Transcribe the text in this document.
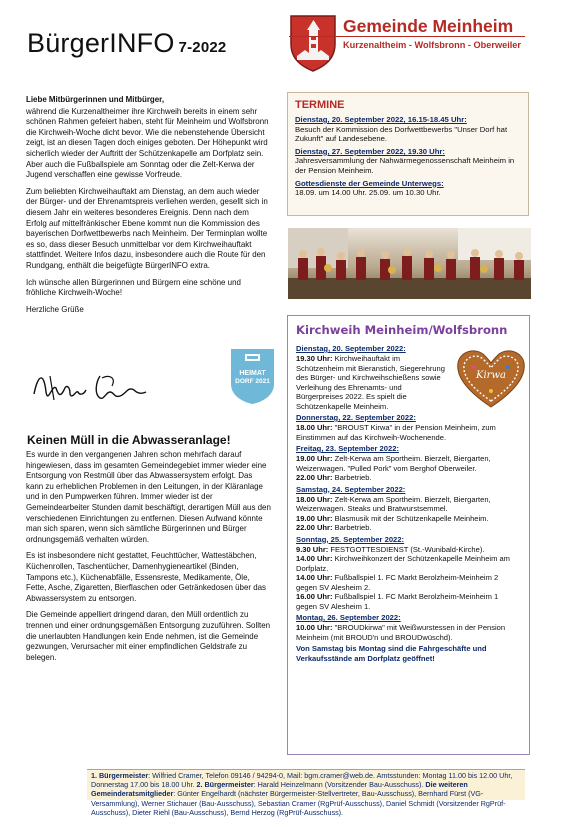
BürgerINFO 7-2022
Gemeinde Meinheim
Kurzenaltheim - Wolfsbronn - Oberweiler

Liebe Mitbürgerinnen und Mitbürger,

während die Kurzenaltheimer ihre Kirchweih bereits in einem sehr schönen Rahmen gefeiert haben, steht für Meinheim und Wolfsbronn die Kirchweih-Woche dicht bevor. Wie die nebenstehende Übersicht zeigt, ist an diesen Tagen doch einiges geboten. Der Höhepunkt wird sicherlich wieder der Auftritt der Schützenkapelle am Dorfplatz sein. Aber auch die Fußballspiele am Sonntag oder die Zelt-Kerwa der Jugend verschaffen eine gewisse Vorfreude.

Zum beliebten Kirchweihauftakt am Dienstag, an dem auch wieder der Bürger- und der Ehrenamtspreis verliehen werden, gesellt sich in diesem Jahr ein weiteres besonderes Ereignis. Denn nach dem Erfolg auf mittelfränkischer Ebene kommt nun die Kommission des bayerischen Dorfwettbewerbs nach Meinheim. Der Terminplan wollte es so, dass dieser Besuch unmittelbar vor dem Kirchweihauftakt stattfindet. Weitere Infos dazu, insbesondere auch die Route für den Rundgang, enthält die beigefügte BürgerINFO extra.

Ich wünsche allen Bürgerinnen und Bürgern eine schöne und fröhliche Kirchweih-Woche!

Herzliche Grüße

HEIMAT
DORF 2021
Keinen Müll in die Abwasseranlage!

Es wurde in den vergangenen Jahren schon mehrfach darauf hingewiesen, dass im gesamten Gemeindegebiet immer wieder eine Entsorgung von Restmüll über das Abwassersystem erfolgt. Das kann zu erheblichen Problemen in den Leitungen, in der Kläranlage und in den Pumpwerken führen. Immer wieder ist der Gemeindearbeiter Stunden damit beschäftigt, derartigen Müll aus den verschiedenen Einrichtungen zu entfernen. Diesen Aufwand könnte man sich sparen, wenn sich sämtliche Bürgerinnen und Bürger ordnungsgemäß verhalten würden.

Es ist insbesondere nicht gestattet, Feuchttücher, Wattestäbchen, Küchenrollen, Taschentücher, Damenhygieneartikel (Binden, Tampons etc.), Küchenabfälle, Essensreste, Medikamente, Öle, Fette, Asche, Zigaretten, Bierflaschen oder Getränkedosen über das Abwassersystem zu entsorgen.

Die Gemeinde appelliert dringend daran, den Müll ordentlich zu trennen und einer ordnungsgemäßen Entsorgung zuzuführen. Sollten die unerlaubten Handlungen kein Ende nehmen, ist die Gemeinde gezwungen, Verursacher mit einer empfindlichen Geldstrafe zu belegen.

TERMINE
Dienstag, 20. September 2022, 16.15-18.45 Uhr:
Besuch der Kommission des Dorfwettbewerbs "Unser Dorf hat Zukunft" auf Landesebene.
Dienstag, 27. September 2022, 19.30 Uhr:
Jahresversammlung der Nahwärmegenossenschaft Meinheim in der Pension Meinheim.
Gottesdienste der Gemeinde Unterwegs:
18.09. um 14.00 Uhr. 25.09. um 10.30 Uhr.
Kirchweih Meinheim/Wolfsbronn
Dienstag, 20. September 2022:

19.30 Uhr: Kirchweihauftakt im Schützenheim mit Bieranstich, Siegerehrung des Bürger- und Kirchweihschießens sowie Verleihung des Ehrenamts- und Bürgerpreises 2022. Es spielt die Schützenkapelle Meinheim.

Donnerstag, 22. September 2022:

18.00 Uhr: "BROUST Kirwa" in der Pension Meinheim, zum Einstimmen auf das Kirchweih-Wochenende.

Freitag, 23. September 2022:

19.00 Uhr: Zelt-Kerwa am Sportheim. Bierzelt, Biergarten, Weizenwagen. "Pulled Pork" vom Berghof Oberweiler.

22.00 Uhr: Barbetrieb.

Samstag, 24. September 2022:

18.00 Uhr: Zelt-Kerwa am Sportheim. Bierzelt, Biergarten, Weizenwagen. Steaks und Bratwurstsemmel.

19.00 Uhr: Blasmusik mit der Schützenkapelle Meinheim.

22.00 Uhr: Barbetrieb.

Sonntag, 25. September 2022:

9.30 Uhr: FESTGOTTESDIENST (St.-Wunibald-Kirche).

14.00 Uhr: Kirchweihkonzert der Schützenkapelle Meinheim am Dorfplatz.

14.00 Uhr: Fußballspiel 1. FC Markt Berolzheim-Meinheim 2 gegen SV Alesheim 2.

16.00 Uhr: Fußballspiel 1. FC Markt Berolzheim-Meinheim 1 gegen SV Alesheim 1.

Montag, 26. September 2022:

10.00 Uhr: "BROUDkirwa" mit Weißwurstessen in der Pension Meinheim (mit BROUD'n und BROUDwüschd).

Von Samstag bis Montag sind die Fahrgeschäfte und Verkaufsstände am Dorfplatz geöffnet!
Kirwa
1. Bürgermeister: Wilfried Cramer, Telefon 09146 / 94294-0, Mail: bgm.cramer@web.de. Amtsstunden: Montag 11.00 bis 12.00 Uhr, Donnerstag 17.00 bis 18.00 Uhr. 2. Bürgermeister: Harald Heinzelmann (Vorsitzender Bau-Ausschuss). Die weiteren Gemeinderatsmitglieder: Günter Engelhardt (nächster Bürgermeister-Stellvertreter, Bau-Ausschuss), Bernhard Fürst (VG-Versammlung), Werner Stichauer (Bau-Ausschuss), Sebastian Cramer (RgPrüf-Ausschuss), Daniel Schmidt (Vorsitzender RgPrüf-Ausschuss), Dieter Riehl (Bau-Ausschuss), Bernd Herzog (RgPrüf-Ausschuss).
